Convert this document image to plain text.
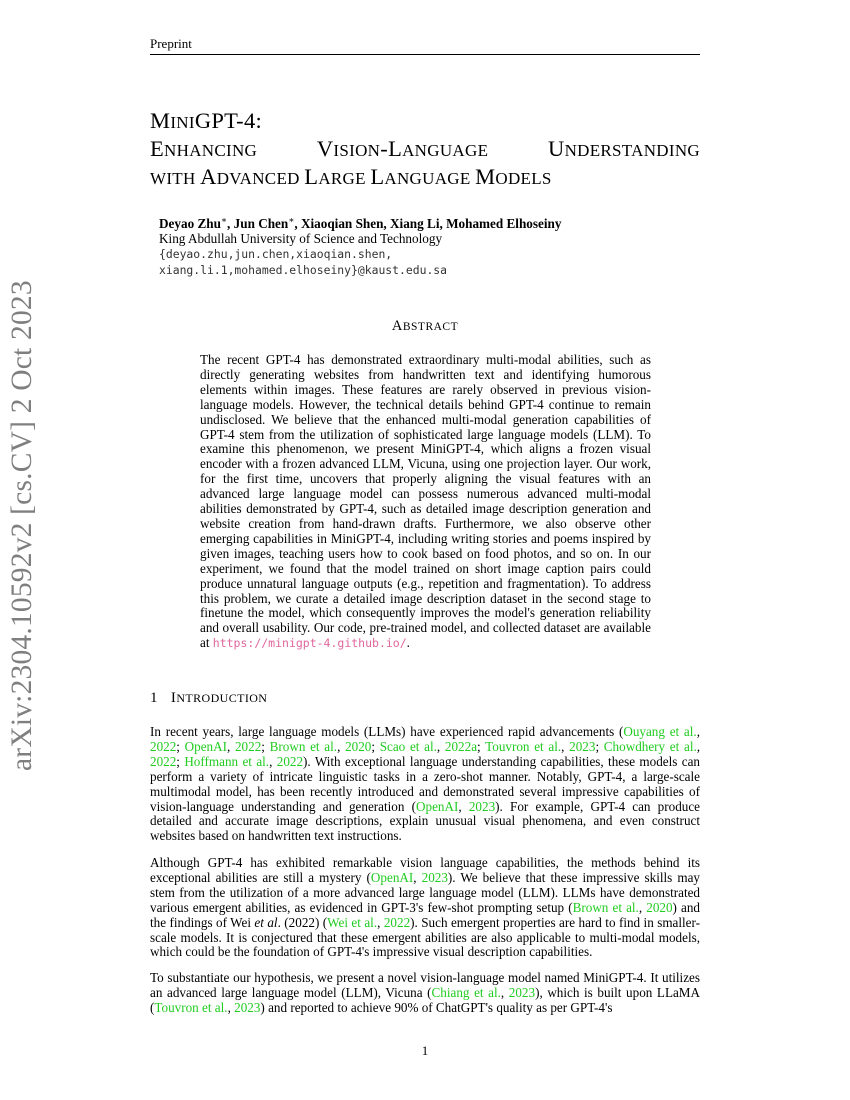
arXiv:2304.10592v2 [cs.CV] 2 Oct 2023
Preprint
MINIGPT-4:
ENHANCING	VISION-LANGUAGE	UNDERSTANDING
WITH ADVANCED LARGE LANGUAGE MODELS
Deyao Zhu∗, Jun Chen∗, Xiaoqian Shen, Xiang Li, Mohamed Elhoseiny
King Abdullah University of Science and Technology
{deyao.zhu,jun.chen,xiaoqian.shen,
xiang.li.1,mohamed.elhoseiny}@kaust.edu.sa
ABSTRACT
The recent GPT-4 has demonstrated extraordinary multi-modal abilities, such as directly generating websites from handwritten text and identifying humorous elements within images. These features are rarely observed in previous vision-language models. However, the technical details behind GPT-4 continue to remain undisclosed. We believe that the enhanced multi-modal generation capabilities of GPT-4 stem from the utilization of sophisticated large language models (LLM). To examine this phenomenon, we present MiniGPT-4, which aligns a frozen visual encoder with a frozen advanced LLM, Vicuna, using one projection layer. Our work, for the first time, uncovers that properly aligning the visual features with an advanced large language model can possess numerous advanced multi-modal abilities demonstrated by GPT-4, such as detailed image description generation and website creation from hand-drawn drafts. Furthermore, we also observe other emerging capabilities in MiniGPT-4, including writing stories and poems inspired by given images, teaching users how to cook based on food photos, and so on. In our experiment, we found that the model trained on short image caption pairs could produce unnatural language outputs (e.g., repetition and fragmentation). To address this problem, we curate a detailed image description dataset in the second stage to finetune the model, which consequently improves the model's generation reliability and overall usability. Our code, pre-trained model, and collected dataset are available at https://minigpt-4.github.io/.
1 INTRODUCTION
In recent years, large language models (LLMs) have experienced rapid advancements (Ouyang et al., 2022; OpenAI, 2022; Brown et al., 2020; Scao et al., 2022a; Touvron et al., 2023; Chowdhery et al., 2022; Hoffmann et al., 2022). With exceptional language understanding capabilities, these models can perform a variety of intricate linguistic tasks in a zero-shot manner. Notably, GPT-4, a large-scale multimodal model, has been recently introduced and demonstrated several impressive capabilities of vision-language understanding and generation (OpenAI, 2023). For example, GPT-4 can produce detailed and accurate image descriptions, explain unusual visual phenomena, and even construct websites based on handwritten text instructions.
Although GPT-4 has exhibited remarkable vision language capabilities, the methods behind its exceptional abilities are still a mystery (OpenAI, 2023). We believe that these impressive skills may stem from the utilization of a more advanced large language model (LLM). LLMs have demonstrated various emergent abilities, as evidenced in GPT-3's few-shot prompting setup (Brown et al., 2020) and the findings of Wei et al. (2022) (Wei et al., 2022). Such emergent properties are hard to find in smaller-scale models. It is conjectured that these emergent abilities are also applicable to multi-modal models, which could be the foundation of GPT-4's impressive visual description capabilities.
To substantiate our hypothesis, we present a novel vision-language model named MiniGPT-4. It utilizes an advanced large language model (LLM), Vicuna (Chiang et al., 2023), which is built upon LLaMA (Touvron et al., 2023) and reported to achieve 90% of ChatGPT's quality as per GPT-4's
1
